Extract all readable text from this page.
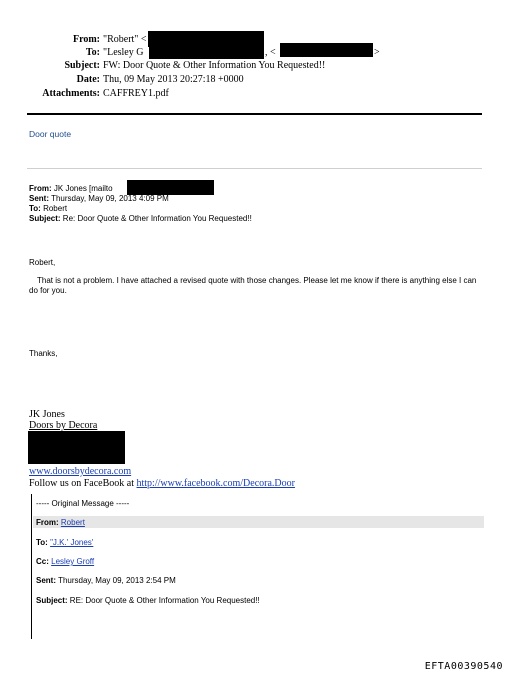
From: "Robert" <
To: "Lesley G	, <	>
Subject: FW: Door Quote & Other Information You Requested!!
Date: Thu, 09 May 2013 20:27:18 +0000
Attachments: CAFFREY1.pdf
Door quote
From: JK Jones [mailto
Sent: Thursday, May 09, 2013 4:09 PM
To: Robert
Subject: Re: Door Quote & Other Information You Requested!!
Robert,
That is not a problem. I have attached a revised quote with those changes. Please let me know if there is anything else I can do for you.
Thanks,
JK Jones
Doors by Decora
www.doorsbydecora.com
Follow us on FaceBook at http://www.facebook.com/Decora.Door
----- Original Message -----
From: Robert
To: "J.K.' Jones'
Cc: Lesley Groff
Sent: Thursday, May 09, 2013 2:54 PM
Subject: RE: Door Quote & Other Information You Requested!!
EFTA00390540
